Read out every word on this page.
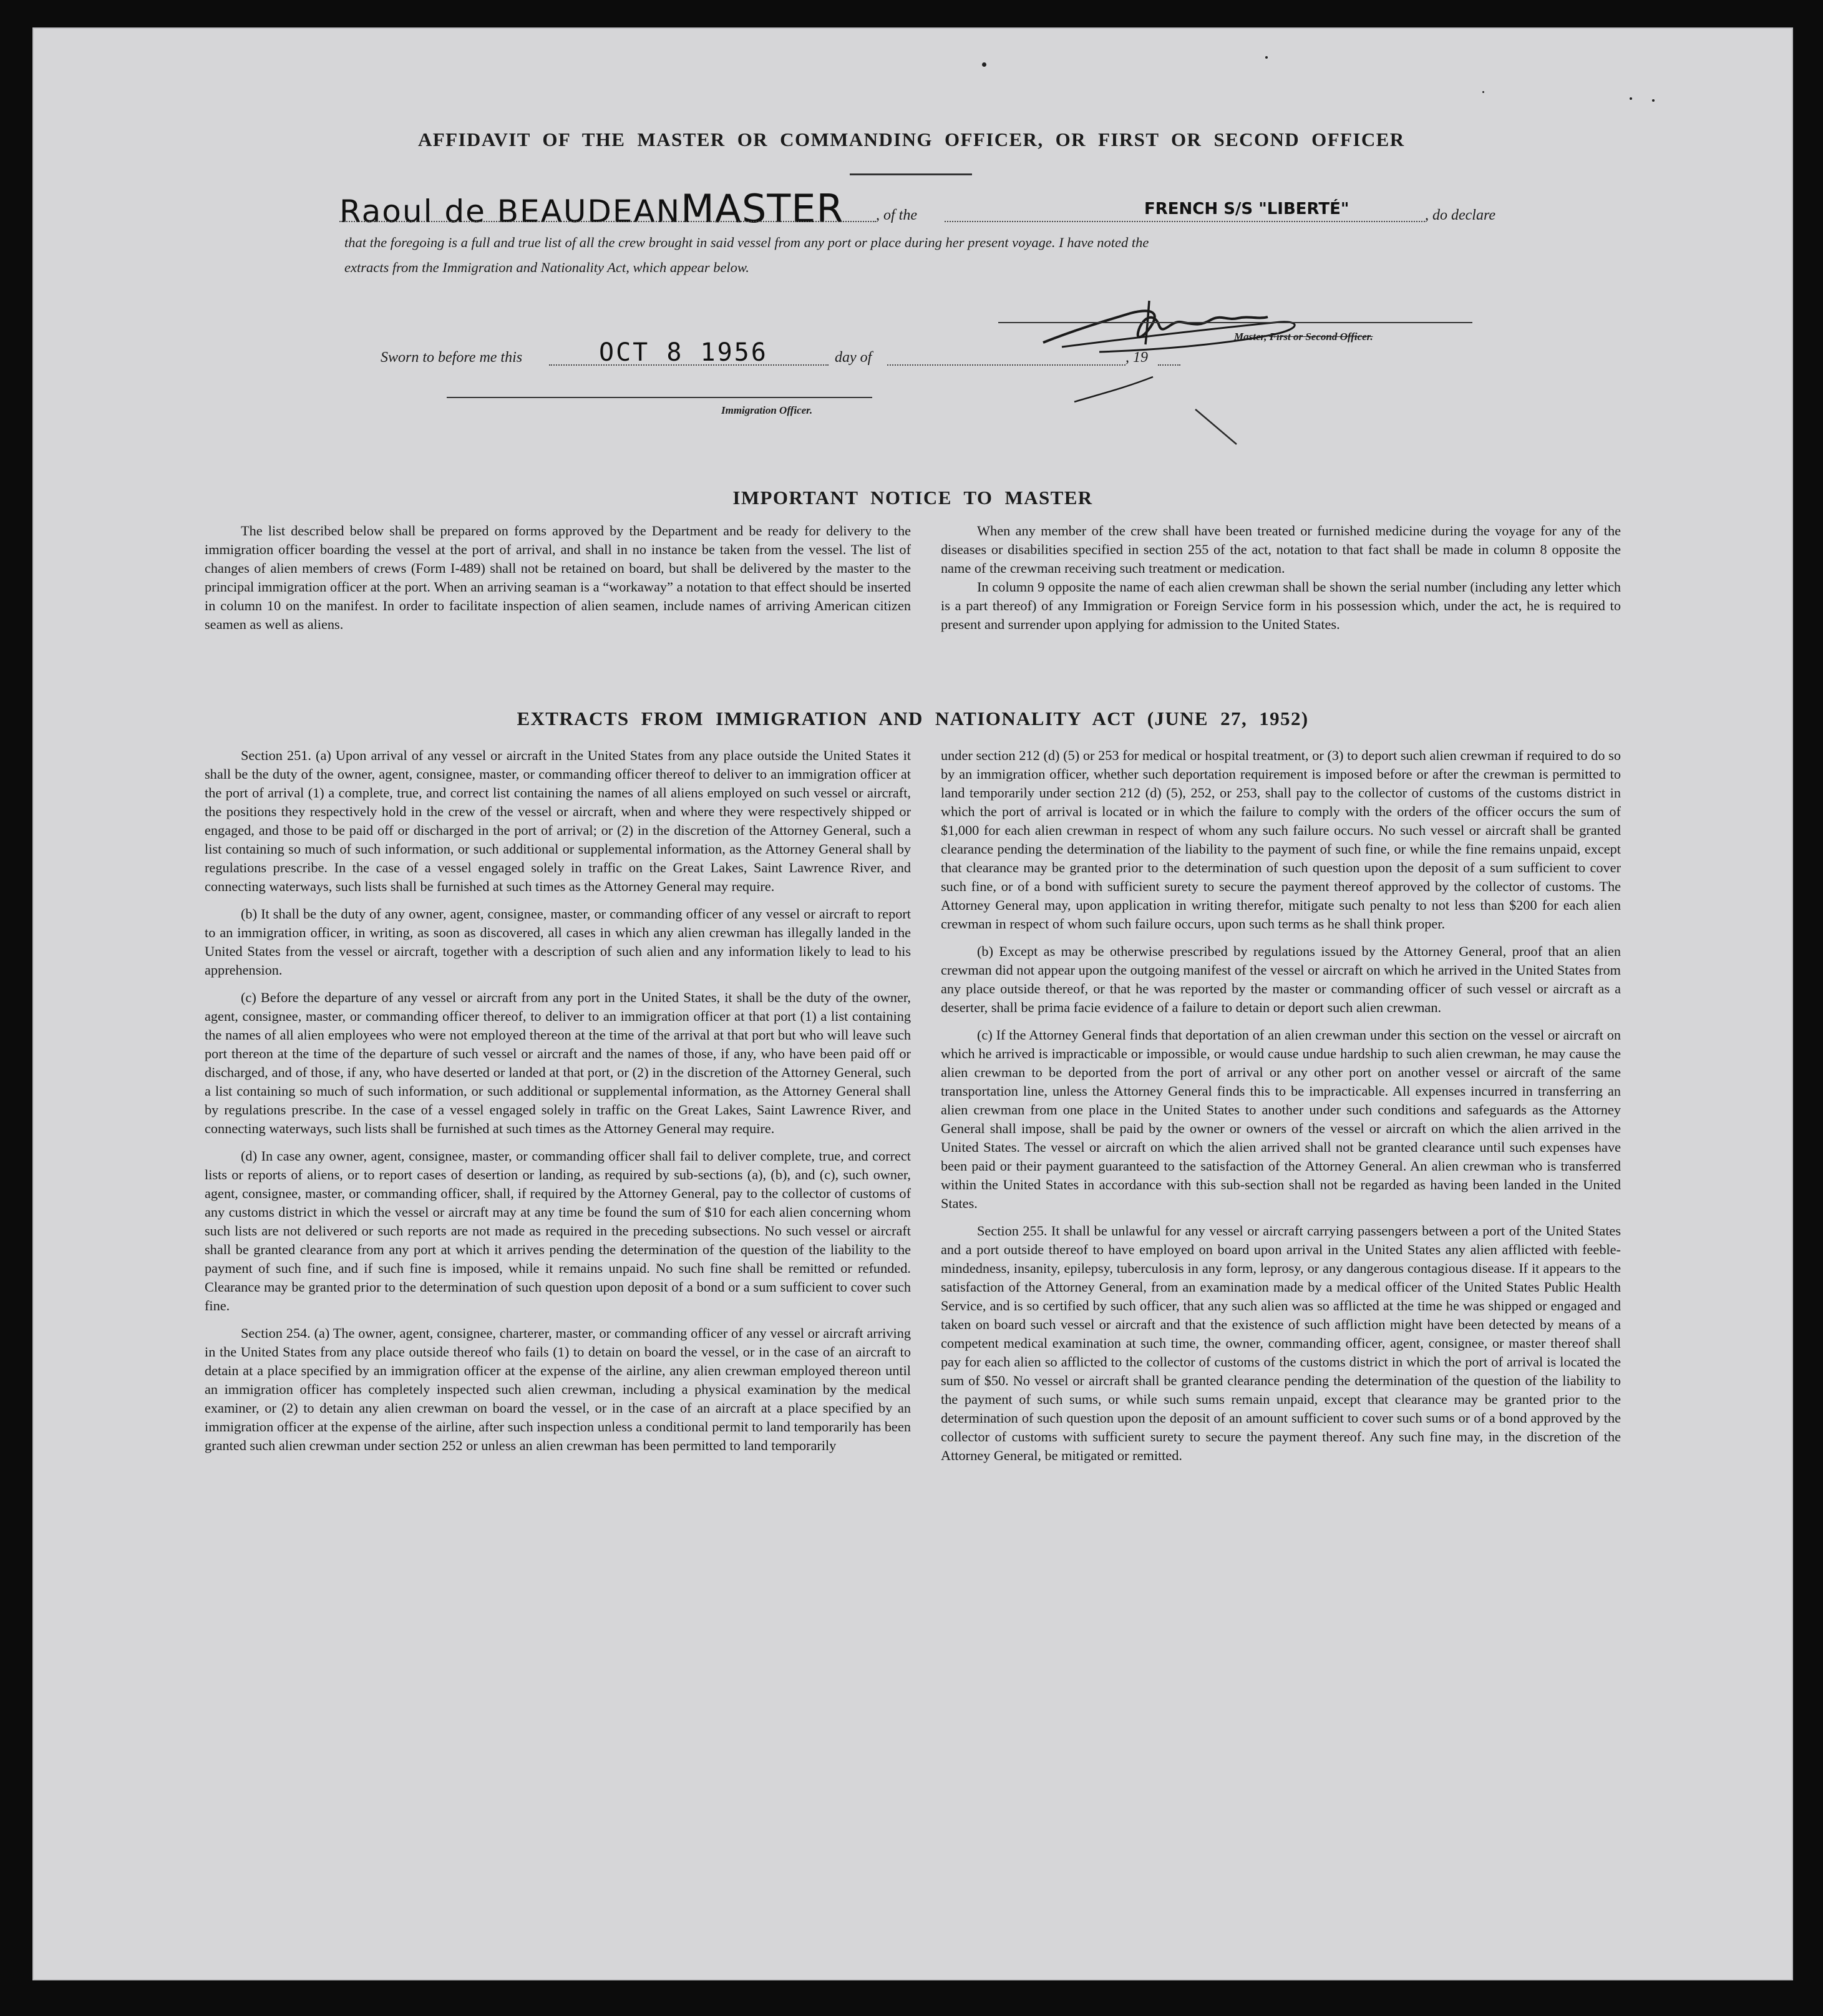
AFFIDAVIT OF THE MASTER OR COMMANDING OFFICER, OR FIRST OR SECOND OFFICER
Raoul de BEAUDEANMASTER , of the	FRENCH S/S "LIBERTÉ"	, do declare
that the foregoing is a full and true list of all the crew brought in said vessel from any port or place during her present voyage. I have noted the
extracts from the Immigration and Nationality Act, which appear below.
Master, First or Second Officer.
Sworn to before me this	OCT 8 1956	day of	, 19
Immigration Officer.
IMPORTANT NOTICE TO MASTER

The list described below shall be prepared on forms approved by the Department and be ready for delivery to the immigration officer boarding the vessel at the port of arrival, and shall in no instance be taken from the vessel. The list of changes of alien members of crews (Form I-489) shall not be retained on board, but shall be delivered by the master to the principal immigration officer at the port. When an arriving seaman is a “workaway” a notation to that effect should be inserted in column 10 on the manifest. In order to facilitate inspection of alien seamen, include names of arriving American citizen seamen as well as aliens.

When any member of the crew shall have been treated or furnished medicine during the voyage for any of the diseases or disabilities specified in section 255 of the act, notation to that fact shall be made in column 8 opposite the name of the crewman receiving such treatment or medication.

In column 9 opposite the name of each alien crewman shall be shown the serial number (including any letter which is a part thereof) of any Immigration or Foreign Service form in his possession which, under the act, he is required to present and surrender upon applying for admission to the United States.

EXTRACTS FROM IMMIGRATION AND NATIONALITY ACT (JUNE 27, 1952)

Section 251. (a) Upon arrival of any vessel or aircraft in the United States from any place outside the United States it shall be the duty of the owner, agent, consignee, master, or commanding officer thereof to deliver to an immigration officer at the port of arrival (1) a complete, true, and correct list containing the names of all aliens employed on such vessel or aircraft, the positions they respectively hold in the crew of the vessel or aircraft, when and where they were respectively shipped or engaged, and those to be paid off or discharged in the port of arrival; or (2) in the discretion of the Attorney General, such a list containing so much of such information, or such additional or supplemental information, as the Attorney General shall by regulations prescribe. In the case of a vessel engaged solely in traffic on the Great Lakes, Saint Lawrence River, and connecting waterways, such lists shall be furnished at such times as the Attorney General may require.

(b) It shall be the duty of any owner, agent, consignee, master, or commanding officer of any vessel or aircraft to report to an immigration officer, in writing, as soon as discovered, all cases in which any alien crewman has illegally landed in the United States from the vessel or aircraft, together with a description of such alien and any information likely to lead to his apprehension.

(c) Before the departure of any vessel or aircraft from any port in the United States, it shall be the duty of the owner, agent, consignee, master, or commanding officer thereof, to deliver to an immigration officer at that port (1) a list containing the names of all alien employees who were not employed thereon at the time of the arrival at that port but who will leave such port thereon at the time of the departure of such vessel or aircraft and the names of those, if any, who have been paid off or discharged, and of those, if any, who have deserted or landed at that port, or (2) in the discretion of the Attorney General, such a list containing so much of such information, or such additional or supplemental information, as the Attorney General shall by regulations prescribe. In the case of a vessel engaged solely in traffic on the Great Lakes, Saint Lawrence River, and connecting waterways, such lists shall be furnished at such times as the Attorney General may require.

(d) In case any owner, agent, consignee, master, or commanding officer shall fail to deliver complete, true, and correct lists or reports of aliens, or to report cases of desertion or landing, as required by sub-sections (a), (b), and (c), such owner, agent, consignee, master, or commanding officer, shall, if required by the Attorney General, pay to the collector of customs of any customs district in which the vessel or aircraft may at any time be found the sum of $10 for each alien concerning whom such lists are not delivered or such reports are not made as required in the preceding subsections. No such vessel or aircraft shall be granted clearance from any port at which it arrives pending the determination of the question of the liability to the payment of such fine, and if such fine is imposed, while it remains unpaid. No such fine shall be remitted or refunded. Clearance may be granted prior to the determination of such question upon deposit of a bond or a sum sufficient to cover such fine.

Section 254. (a) The owner, agent, consignee, charterer, master, or commanding officer of any vessel or aircraft arriving in the United States from any place outside thereof who fails (1) to detain on board the vessel, or in the case of an aircraft to detain at a place specified by an immigration officer at the expense of the airline, any alien crewman employed thereon until an immigration officer has completely inspected such alien crewman, including a physical examination by the medical examiner, or (2) to detain any alien crewman on board the vessel, or in the case of an aircraft at a place specified by an immigration officer at the expense of the airline, after such inspection unless a conditional permit to land temporarily has been granted such alien crewman under section 252 or unless an alien crewman has been permitted to land temporarily

under section 212 (d) (5) or 253 for medical or hospital treatment, or (3) to deport such alien crewman if required to do so by an immigration officer, whether such deportation requirement is imposed before or after the crewman is permitted to land temporarily under section 212 (d) (5), 252, or 253, shall pay to the collector of customs of the customs district in which the port of arrival is located or in which the failure to comply with the orders of the officer occurs the sum of $1,000 for each alien crewman in respect of whom any such failure occurs. No such vessel or aircraft shall be granted clearance pending the determination of the liability to the payment of such fine, or while the fine remains unpaid, except that clearance may be granted prior to the determination of such question upon the deposit of a sum sufficient to cover such fine, or of a bond with sufficient surety to secure the payment thereof approved by the collector of customs. The Attorney General may, upon application in writing therefor, mitigate such penalty to not less than $200 for each alien crewman in respect of whom such failure occurs, upon such terms as he shall think proper.

(b) Except as may be otherwise prescribed by regulations issued by the Attorney General, proof that an alien crewman did not appear upon the outgoing manifest of the vessel or aircraft on which he arrived in the United States from any place outside thereof, or that he was reported by the master or commanding officer of such vessel or aircraft as a deserter, shall be prima facie evidence of a failure to detain or deport such alien crewman.

(c) If the Attorney General finds that deportation of an alien crewman under this section on the vessel or aircraft on which he arrived is impracticable or impossible, or would cause undue hardship to such alien crewman, he may cause the alien crewman to be deported from the port of arrival or any other port on another vessel or aircraft of the same transportation line, unless the Attorney General finds this to be impracticable. All expenses incurred in transferring an alien crewman from one place in the United States to another under such conditions and safeguards as the Attorney General shall impose, shall be paid by the owner or owners of the vessel or aircraft on which the alien arrived in the United States. The vessel or aircraft on which the alien arrived shall not be granted clearance until such expenses have been paid or their payment guaranteed to the satisfaction of the Attorney General. An alien crewman who is transferred within the United States in accordance with this sub-section shall not be regarded as having been landed in the United States.

Section 255. It shall be unlawful for any vessel or aircraft carrying passengers between a port of the United States and a port outside thereof to have employed on board upon arrival in the United States any alien afflicted with feeble-mindedness, insanity, epilepsy, tuberculosis in any form, leprosy, or any dangerous contagious disease. If it appears to the satisfaction of the Attorney General, from an examination made by a medical officer of the United States Public Health Service, and is so certified by such officer, that any such alien was so afflicted at the time he was shipped or engaged and taken on board such vessel or aircraft and that the existence of such affliction might have been detected by means of a competent medical examination at such time, the owner, commanding officer, agent, consignee, or master thereof shall pay for each alien so afflicted to the collector of customs of the customs district in which the port of arrival is located the sum of $50. No vessel or aircraft shall be granted clearance pending the determination of the question of the liability to the payment of such sums, or while such sums remain unpaid, except that clearance may be granted prior to the determination of such question upon the deposit of an amount sufficient to cover such sums or of a bond approved by the collector of customs with sufficient surety to secure the payment thereof. Any such fine may, in the discretion of the Attorney General, be mitigated or remitted.
